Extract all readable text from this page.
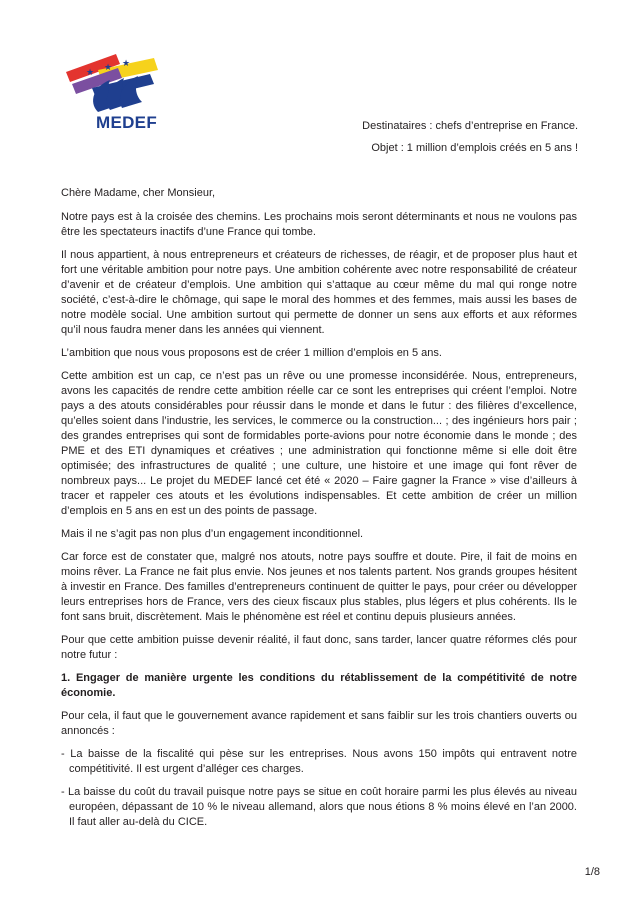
★ ★ ★
MEDEF	Destinataires : chefs d’entreprise en France.
Objet : 1 million d’emplois créés en 5 ans !

Chère Madame, cher Monsieur,

Notre pays est à la croisée des chemins. Les prochains mois seront déterminants et nous ne voulons pas être les spectateurs inactifs d’une France qui tombe.

Il nous appartient, à nous entrepreneurs et créateurs de richesses, de réagir, et de proposer plus haut et fort une véritable ambition pour notre pays. Une ambition cohérente avec notre responsabilité de créateur d’avenir et de créateur d’emplois. Une ambition qui s’attaque au cœur même du mal qui ronge notre société, c’est-à-dire le chômage, qui sape le moral des hommes et des femmes, mais aussi les bases de notre modèle social. Une ambition surtout qui permette de donner un sens aux efforts et aux réformes qu’il nous faudra mener dans les années qui viennent.

L’ambition que nous vous proposons est de créer 1 million d’emplois en 5 ans.

Cette ambition est un cap, ce n’est pas un rêve ou une promesse inconsidérée. Nous, entrepreneurs, avons les capacités de rendre cette ambition réelle car ce sont les entreprises qui créent l’emploi. Notre pays a des atouts considérables pour réussir dans le monde et dans le futur : des filières d’excellence, qu’elles soient dans l’industrie, les services, le commerce ou la construction... ; des ingénieurs hors pair ; des grandes entreprises qui sont de formidables porte-avions pour notre économie dans le monde ; des PME et des ETI dynamiques et créatives ; une administration qui fonctionne même si elle doit être optimisée; des infrastructures de qualité ; une culture, une histoire et une image qui font rêver de nombreux pays... Le projet du MEDEF lancé cet été « 2020 – Faire gagner la France » vise d’ailleurs à tracer et rappeler ces atouts et les évolutions indispensables. Et cette ambition de créer un million d’emplois en 5 ans en est un des points de passage.

Mais il ne s’agit pas non plus d’un engagement inconditionnel.

Car force est de constater que, malgré nos atouts, notre pays souffre et doute. Pire, il fait de moins en moins rêver. La France ne fait plus envie. Nos jeunes et nos talents partent. Nos grands groupes hésitent à investir en France. Des familles d’entrepreneurs continuent de quitter le pays, pour créer ou développer leurs entreprises hors de France, vers des cieux fiscaux plus stables, plus légers et plus cohérents. Ils le font sans bruit, discrètement. Mais le phénomène est réel et continu depuis plusieurs années.

Pour que cette ambition puisse devenir réalité, il faut donc, sans tarder, lancer quatre réformes clés pour notre futur :

1. Engager de manière urgente les conditions du rétablissement de la compétitivité de notre économie.

Pour cela, il faut que le gouvernement avance rapidement et sans faiblir sur les trois chantiers ouverts ou annoncés :

- La baisse de la fiscalité qui pèse sur les entreprises. Nous avons 150 impôts qui entravent notre compétitivité. Il est urgent d’alléger ces charges.

- La baisse du coût du travail puisque notre pays se situe en coût horaire parmi les plus élevés au niveau européen, dépassant de 10 % le niveau allemand, alors que nous étions 8 % moins élevé en l’an 2000. Il faut aller au-delà du CICE.

1/8
